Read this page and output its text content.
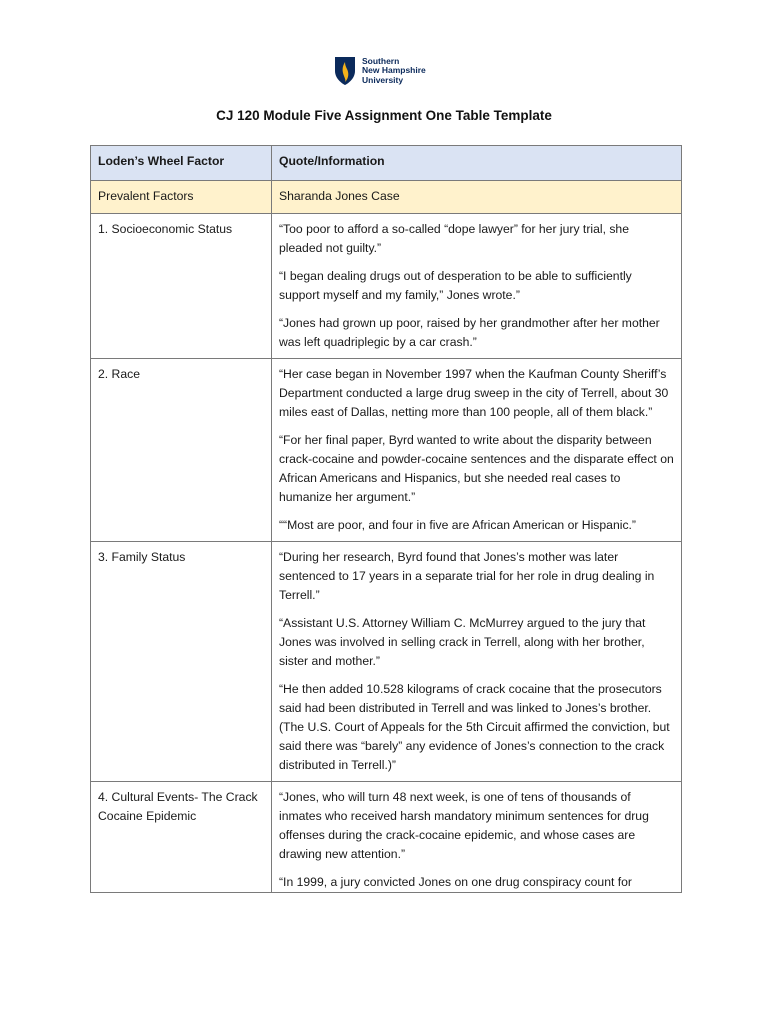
Southern
New Hampshire
University
CJ 120 Module Five Assignment One Table Template
Loden’s Wheel Factor	Quote/Information
Prevalent Factors	Sharanda Jones Case

1. Socioeconomic Status	“Too poor to afford a so-called “dope lawyer” for her jury trial, she pleaded not guilty.”

“I began dealing drugs out of desperation to be able to sufficiently support myself and my family,” Jones wrote.”

“Jones had grown up poor, raised by her grandmother after her mother was left quadriplegic by a car crash.”

2. Race	“Her case began in November 1997 when the Kaufman County Sheriff’s Department conducted a large drug sweep in the city of Terrell, about 30 miles east of Dallas, netting more than 100 people, all of them black.”

“For her final paper, Byrd wanted to write about the disparity between crack-cocaine and powder-cocaine sentences and the disparate effect on African Americans and Hispanics, but she needed real cases to humanize her argument.”

““Most are poor, and four in five are African American or Hispanic.”

3. Family Status	“During her research, Byrd found that Jones’s mother was later sentenced to 17 years in a separate trial for her role in drug dealing in Terrell.”

“Assistant U.S. Attorney William C. McMurrey argued to the jury that Jones was involved in selling crack in Terrell, along with her brother, sister and mother.”

“He then added 10.528 kilograms of crack cocaine that the prosecutors said had been distributed in Terrell and was linked to Jones’s brother. (The U.S. Court of Appeals for the 5th Circuit affirmed the conviction, but said there was “barely” any evidence of Jones’s connection to the crack distributed in Terrell.)”

4. Cultural Events- The Crack Cocaine Epidemic	“Jones, who will turn 48 next week, is one of tens of thousands of inmates who received harsh mandatory minimum sentences for drug offenses during the crack-cocaine epidemic, and whose cases are drawing new attention.”

“In 1999, a jury convicted Jones on one drug conspiracy count for
